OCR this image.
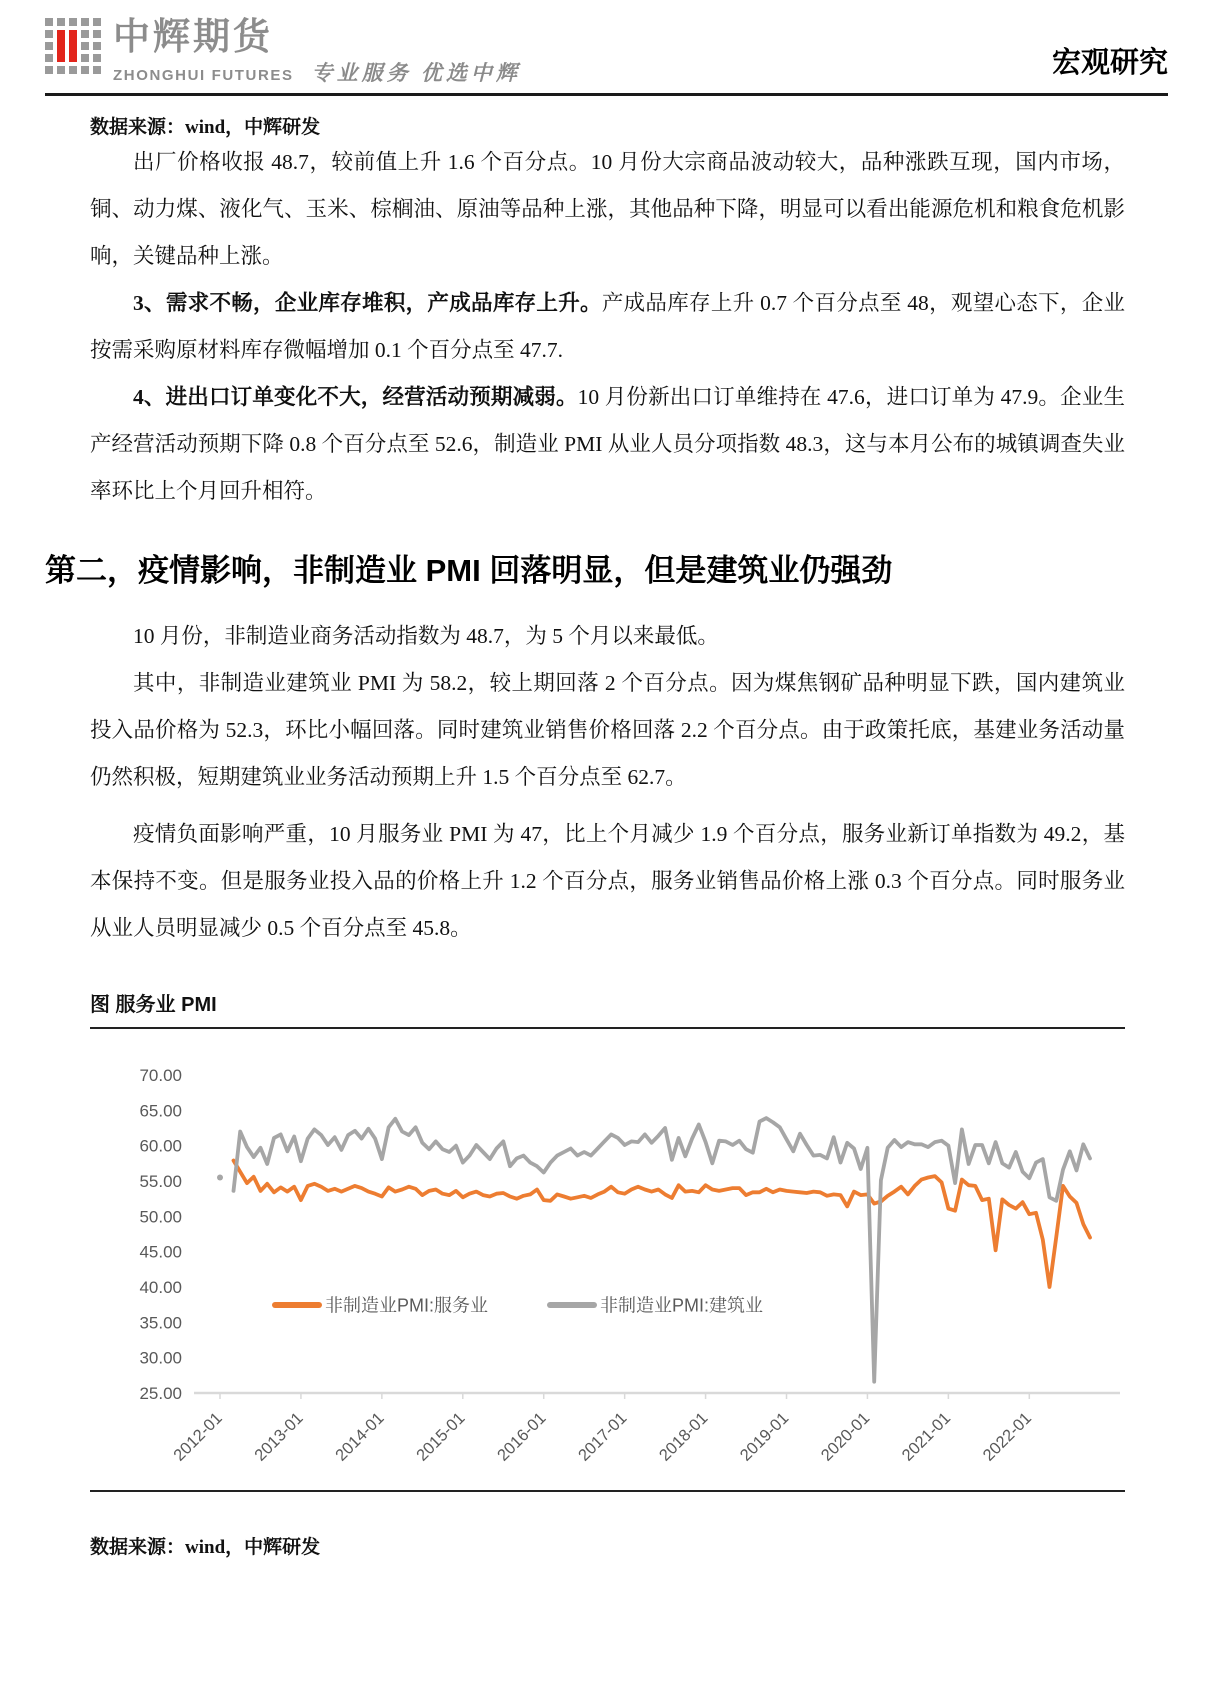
中辉期货
ZHONGHUI FUTURES 专业服务 优选中辉	宏观研究
数据来源：wind，中辉研发

出厂价格收报 48.7，较前值上升 1.6 个百分点。10 月份大宗商品波动较大，品种涨跌互现，国内市场，铜、动力煤、液化气、玉米、棕榈油、原油等品种上涨，其他品种下降，明显可以看出能源危机和粮食危机影响，关键品种上涨。

3、需求不畅，企业库存堆积，产成品库存上升。产成品库存上升 0.7 个百分点至 48，观望心态下，企业按需采购原材料库存微幅增加 0.1 个百分点至 47.7.

4、进出口订单变化不大，经营活动预期减弱。10 月份新出口订单维持在 47.6，进口订单为 47.9。企业生产经营活动预期下降 0.8 个百分点至 52.6，制造业 PMI 从业人员分项指数 48.3，这与本月公布的城镇调查失业率环比上个月回升相符。

第二，疫情影响，非制造业 PMI 回落明显，但是建筑业仍强劲

10 月份，非制造业商务活动指数为 48.7，为 5 个月以来最低。

其中，非制造业建筑业 PMI 为 58.2，较上期回落 2 个百分点。因为煤焦钢矿品种明显下跌，国内建筑业投入品价格为 52.3，环比小幅回落。同时建筑业销售价格回落 2.2 个百分点。由于政策托底，基建业务活动量仍然积极，短期建筑业业务活动预期上升 1.5 个百分点至 62.7。

疫情负面影响严重，10 月服务业 PMI 为 47，比上个月减少 1.9 个百分点，服务业新订单指数为 49.2，基本保持不变。但是服务业投入品的价格上升 1.2 个百分点，服务业销售品价格上涨 0.3 个百分点。同时服务业从业人员明显减少 0.5 个百分点至 45.8。

图 服务业 PMI
70.00
65.00
60.00
55.00
50.00
45.00
40.00
35.00
30.00
25.00
2012-01 2013-01 2014-01 2015-01 2016-01 2017-01 2018-01 2019-01 2020-01 2021-01 2022-01
非制造业PMI:服务业	非制造业PMI:建筑业
数据来源：wind，中辉研发
